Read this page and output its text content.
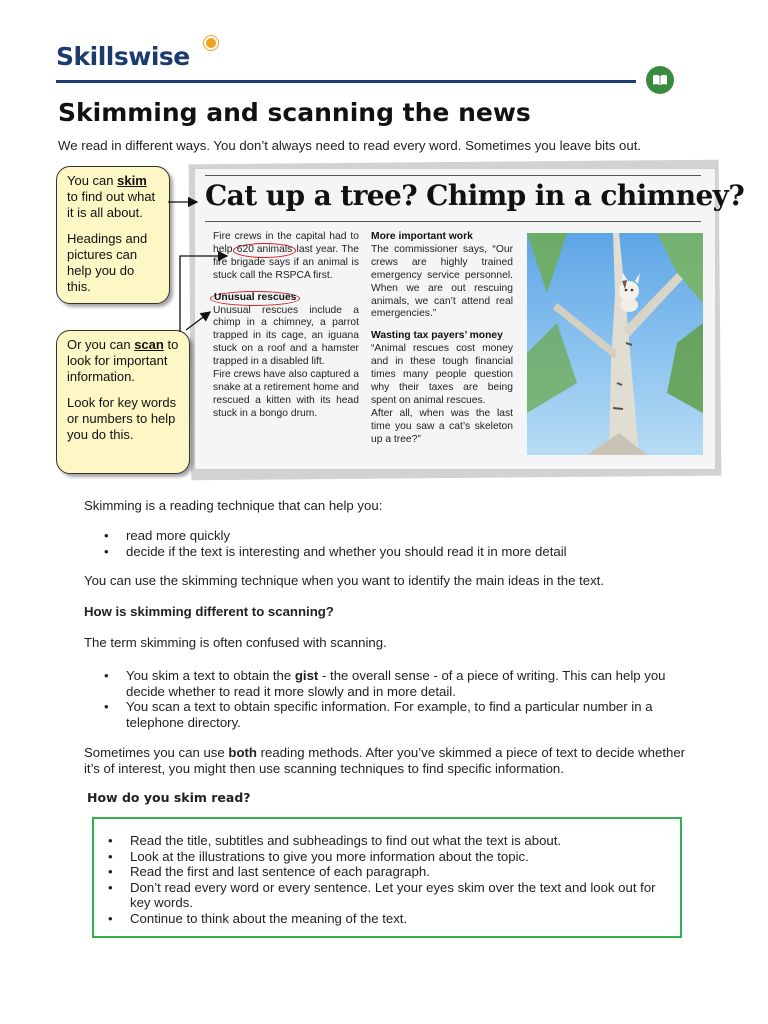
Skillswise
Skimming and scanning the news

We read in different ways. You don’t always need to read every word. Sometimes you leave bits out.

Cat up a tree? Chimp in a chimney?

Fire crews in the capital had to help 620 animals last year. The fire brigade says if an animal is stuck call the RSPCA first.

Unusual rescues

Unusual rescues include a chimp in a chimney, a parrot trapped in its cage, an iguana stuck on a roof and a hamster trapped in a disabled lift.

Fire crews have also captured a snake at a retirement home and rescued a kitten with its head stuck in a bongo drum.

More important work

The commissioner says, “Our crews are highly trained emergency service personnel. When we are out rescuing animals, we can’t attend real emergencies.”

Wasting tax payers’ money

“Animal rescues cost money and in these tough financial times many people question why their taxes are being spent on animal rescues.

After all, when was the last time you saw a cat’s skeleton up a tree?”

You can skim to find out what it is all about.

Headings and pictures can help you do this.

Or you can scan to look for important information.

Look for key words or numbers to help you do this.

Skimming is a reading technique that can help you:

• read more quickly
• decide if the text is interesting and whether you should read it in more detail

You can use the skimming technique when you want to identify the main ideas in the text.

How is skimming different to scanning?

The term skimming is often confused with scanning.

• You skim a text to obtain the gist - the overall sense - of a piece of writing. This can help you decide whether to read it more slowly and in more detail.
• You scan a text to obtain specific information. For example, to find a particular number in a telephone directory.

Sometimes you can use both reading methods. After you’ve skimmed a piece of text to decide whether it’s of interest, you might then use scanning techniques to find specific information.

How do you skim read?

• Read the title, subtitles and subheadings to find out what the text is about.
• Look at the illustrations to give you more information about the topic.
• Read the first and last sentence of each paragraph.
• Don’t read every word or every sentence. Let your eyes skim over the text and look out for key words.
• Continue to think about the meaning of the text.
